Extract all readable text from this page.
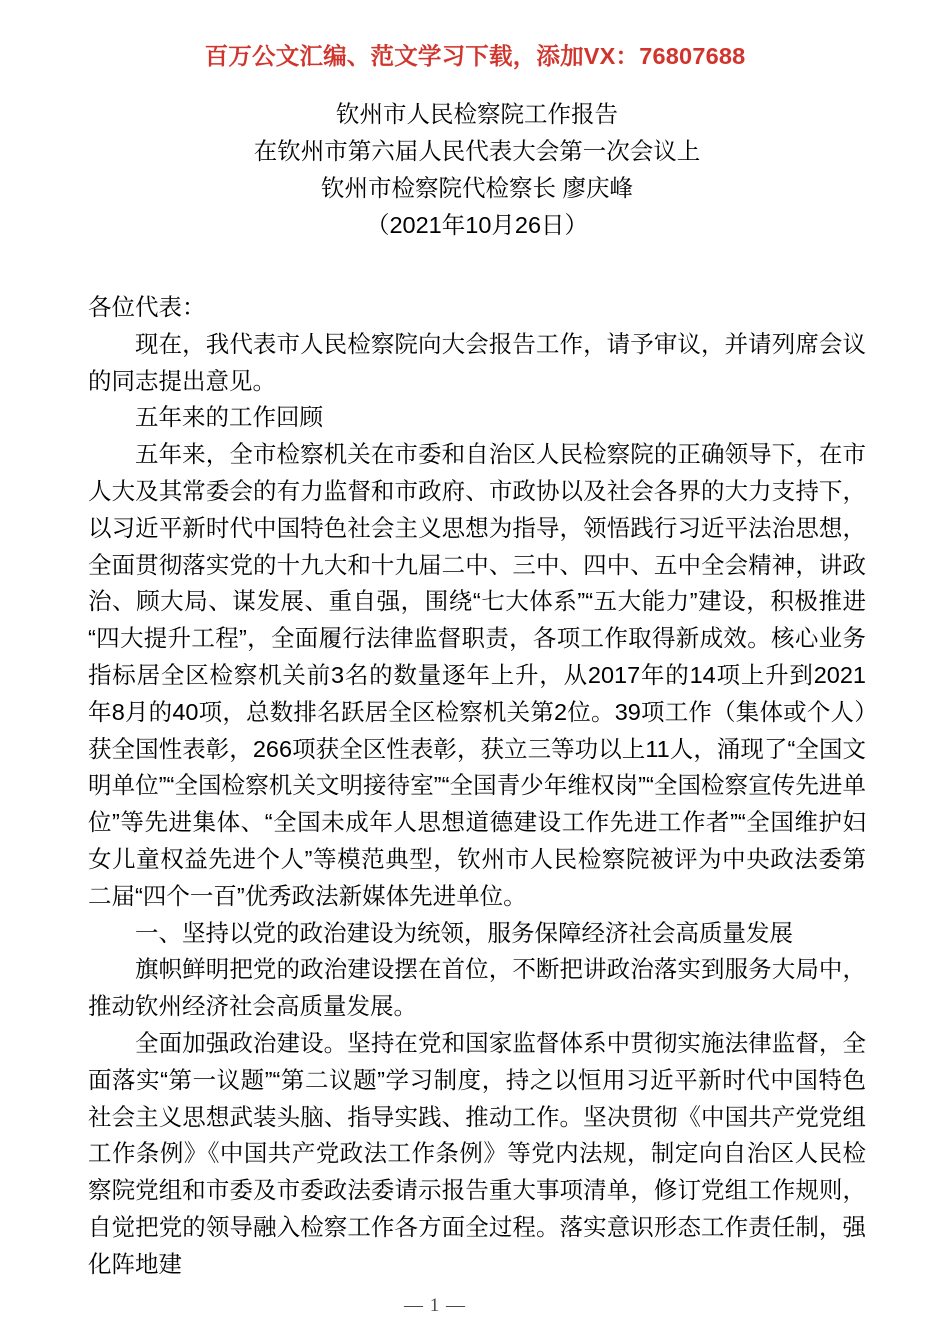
百万公文汇编、范文学习下载，添加VX：76807688
钦州市人民检察院工作报告
在钦州市第六届人民代表大会第一次会议上
钦州市检察院代检察长 廖庆峰
（2021年10月26日）

各位代表：

现在，我代表市人民检察院向大会报告工作，请予审议，并请列席会议的同志提出意见。

五年来的工作回顾

五年来，全市检察机关在市委和自治区人民检察院的正确领导下，在市人大及其常委会的有力监督和市政府、市政协以及社会各界的大力支持下，以习近平新时代中国特色社会主义思想为指导，领悟践行习近平法治思想，全面贯彻落实党的十九大和十九届二中、三中、四中、五中全会精神，讲政治、顾大局、谋发展、重自强，围绕“七大体系”“五大能力”建设，积极推进“四大提升工程”，全面履行法律监督职责，各项工作取得新成效。核心业务指标居全区检察机关前3名的数量逐年上升，从2017年的14项上升到2021年8月的40项，总数排名跃居全区检察机关第2位。39项工作（集体或个人）获全国性表彰，266项获全区性表彰，获立三等功以上11人，涌现了“全国文明单位”“全国检察机关文明接待室”“全国青少年维权岗”“全国检察宣传先进单位”等先进集体、“全国未成年人思想道德建设工作先进工作者”“全国维护妇女儿童权益先进个人”等模范典型，钦州市人民检察院被评为中央政法委第二届“四个一百”优秀政法新媒体先进单位。

一、坚持以党的政治建设为统领，服务保障经济社会高质量发展

旗帜鲜明把党的政治建设摆在首位，不断把讲政治落实到服务大局中，推动钦州经济社会高质量发展。

全面加强政治建设。坚持在党和国家监督体系中贯彻实施法律监督，全面落实“第一议题”“第二议题”学习制度，持之以恒用习近平新时代中国特色社会主义思想武装头脑、指导实践、推动工作。坚决贯彻《中国共产党党组工作条例》《中国共产党政法工作条例》等党内法规，制定向自治区人民检察院党组和市委及市委政法委请示报告重大事项清单，修订党组工作规则，自觉把党的领导融入检察工作各方面全过程。落实意识形态工作责任制，强化阵地建

— 1 —
